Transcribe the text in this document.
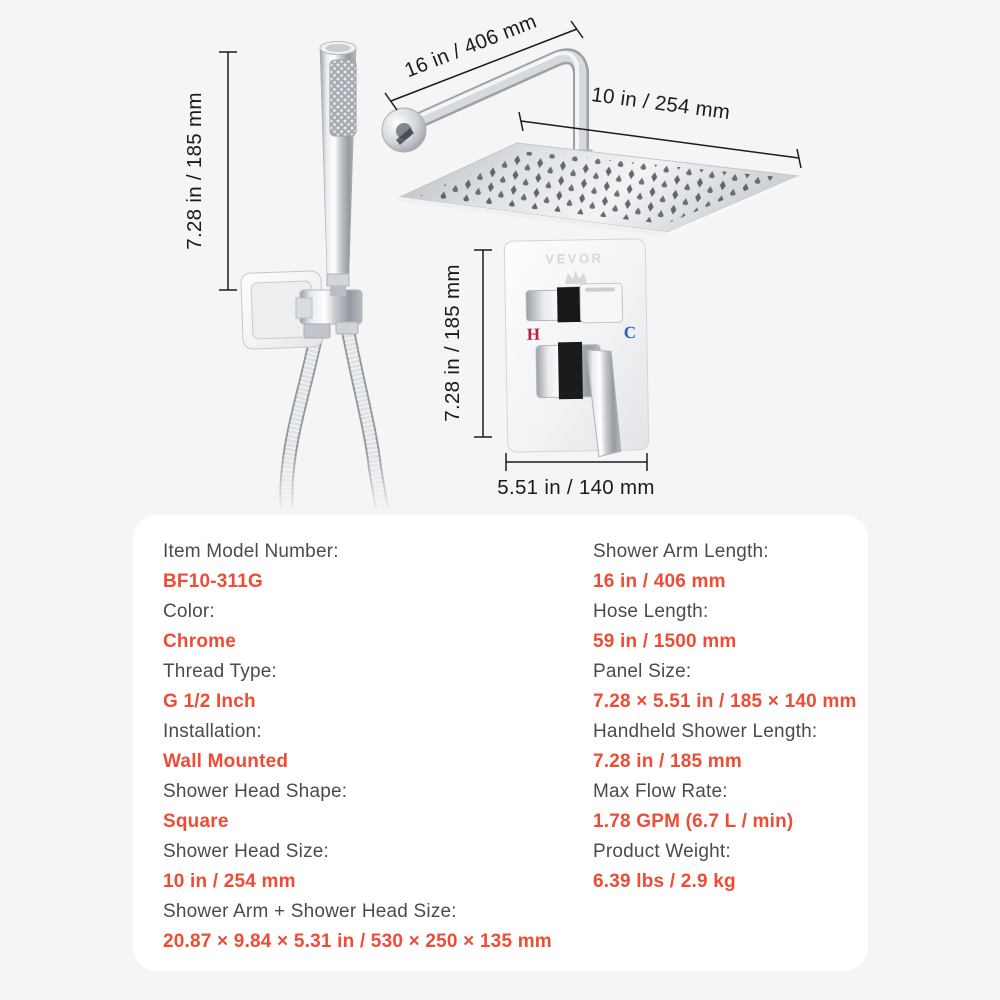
7.28 in / 185 mm
16 in / 406 mm
10 in / 254 mm
VEVOR
H	C
7.28 in / 185 mm
5.51 in / 140 mm
Item Model Number:
BF10-311G
Color:
Chrome
Thread Type:
G 1/2 Inch
Installation:
Wall Mounted
Shower Head Shape:
Square
Shower Head Size:
10 in / 254 mm
Shower Arm + Shower Head Size:
20.87 × 9.84 × 5.31 in / 530 × 250 × 135 mm
Shower Arm Length:
16 in / 406 mm
Hose Length:
59 in / 1500 mm
Panel Size:
7.28 × 5.51 in / 185 × 140 mm
Handheld Shower Length:
7.28 in / 185 mm
Max Flow Rate:
1.78 GPM (6.7 L / min)
Product Weight:
6.39 lbs / 2.9 kg
